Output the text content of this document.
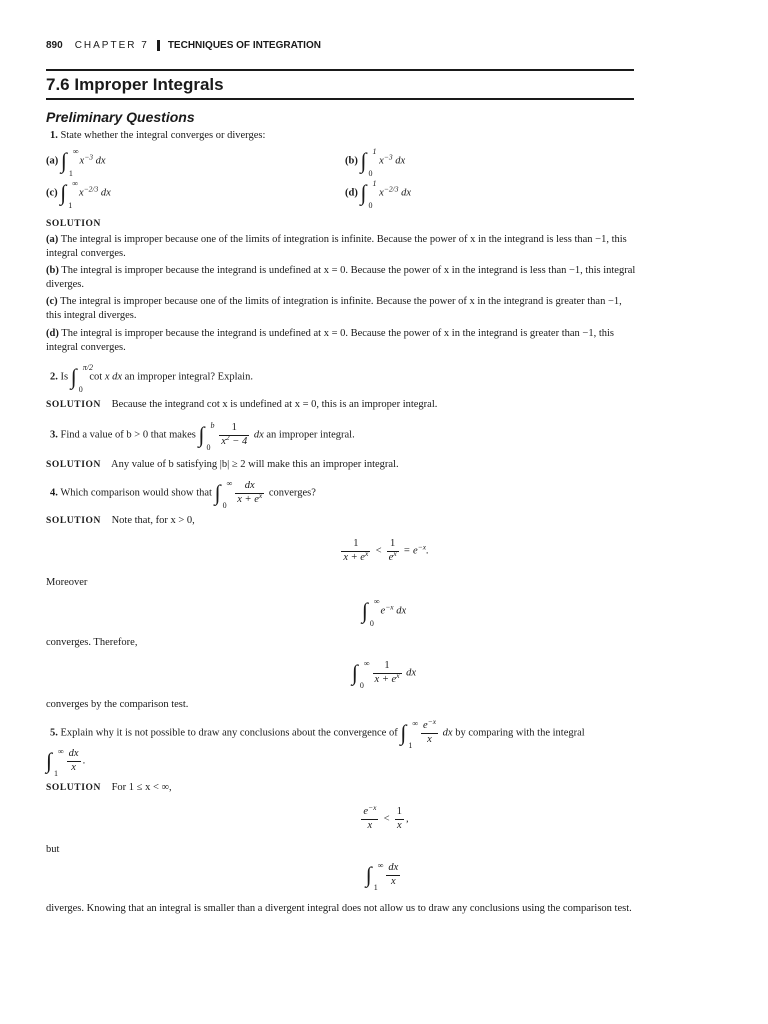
890 CHAPTER 7 TECHNIQUES OF INTEGRATION
7.6 Improper Integrals
Preliminary Questions
1. State whether the integral converges or diverges:
(a) ∫ ∞
1
$x^{-3}$ dx	(b) ∫ 1
0
$x^{-3}$ dx
(c) ∫ ∞
1
$x^{-2/3}$ dx	(d) ∫ 1
0
$x^{-2/3}$ dx
SOLUTION
(a) The integral is improper because one of the limits of integration is infinite. Because the power of x in the integrand is less than −1, this integral converges.
(b) The integral is improper because the integrand is undefined at x = 0. Because the power of x in the integrand is less than −1, this integral diverges.
(c) The integral is improper because one of the limits of integration is infinite. Because the power of x in the integrand is greater than −1, this integral diverges.
(d) The integral is improper because the integrand is undefined at x = 0. Because the power of x in the integrand is greater than −1, this integral converges.
2. Is ∫ π/2
0
cot x dx an improper integral? Explain.
SOLUTION Because the integrand cot x is undefined at x = 0, this is an improper integral.
3. Find a value of b > 0 that makes ∫ b
0
$\frac{1}{x^2 - 4}$ dx an improper integral.
SOLUTION Any value of b satisfying |b| ≥ 2 will make this an improper integral.
4. Which comparison would show that ∫ ∞
0
$\frac{dx}{x + e^x}$ converges?
SOLUTION Note that, for x > 0,
$\frac{1}{x + e^x} < \frac{1}{e^x} = e^{-x}$.
Moreover
∫ ∞
0
$e^{-x}$ dx
converges. Therefore,
∫ ∞
0
$\frac{1}{x + e^x}$ dx
converges by the comparison test.
5. Explain why it is not possible to draw any conclusions about the convergence of ∫ ∞
1
$\frac{e^{-x}}{x}$ dx by comparing with the integral
∫ ∞
1
$\frac{dx}{x}$ .
SOLUTION For 1 ≤ x < ∞,
$\frac{e^{-x}}{x} < \frac{1}{x}$ ,
but
∫ ∞
1
$\frac{dx}{x}$
diverges. Knowing that an integral is smaller than a divergent integral does not allow us to draw any conclusions using the comparison test.
